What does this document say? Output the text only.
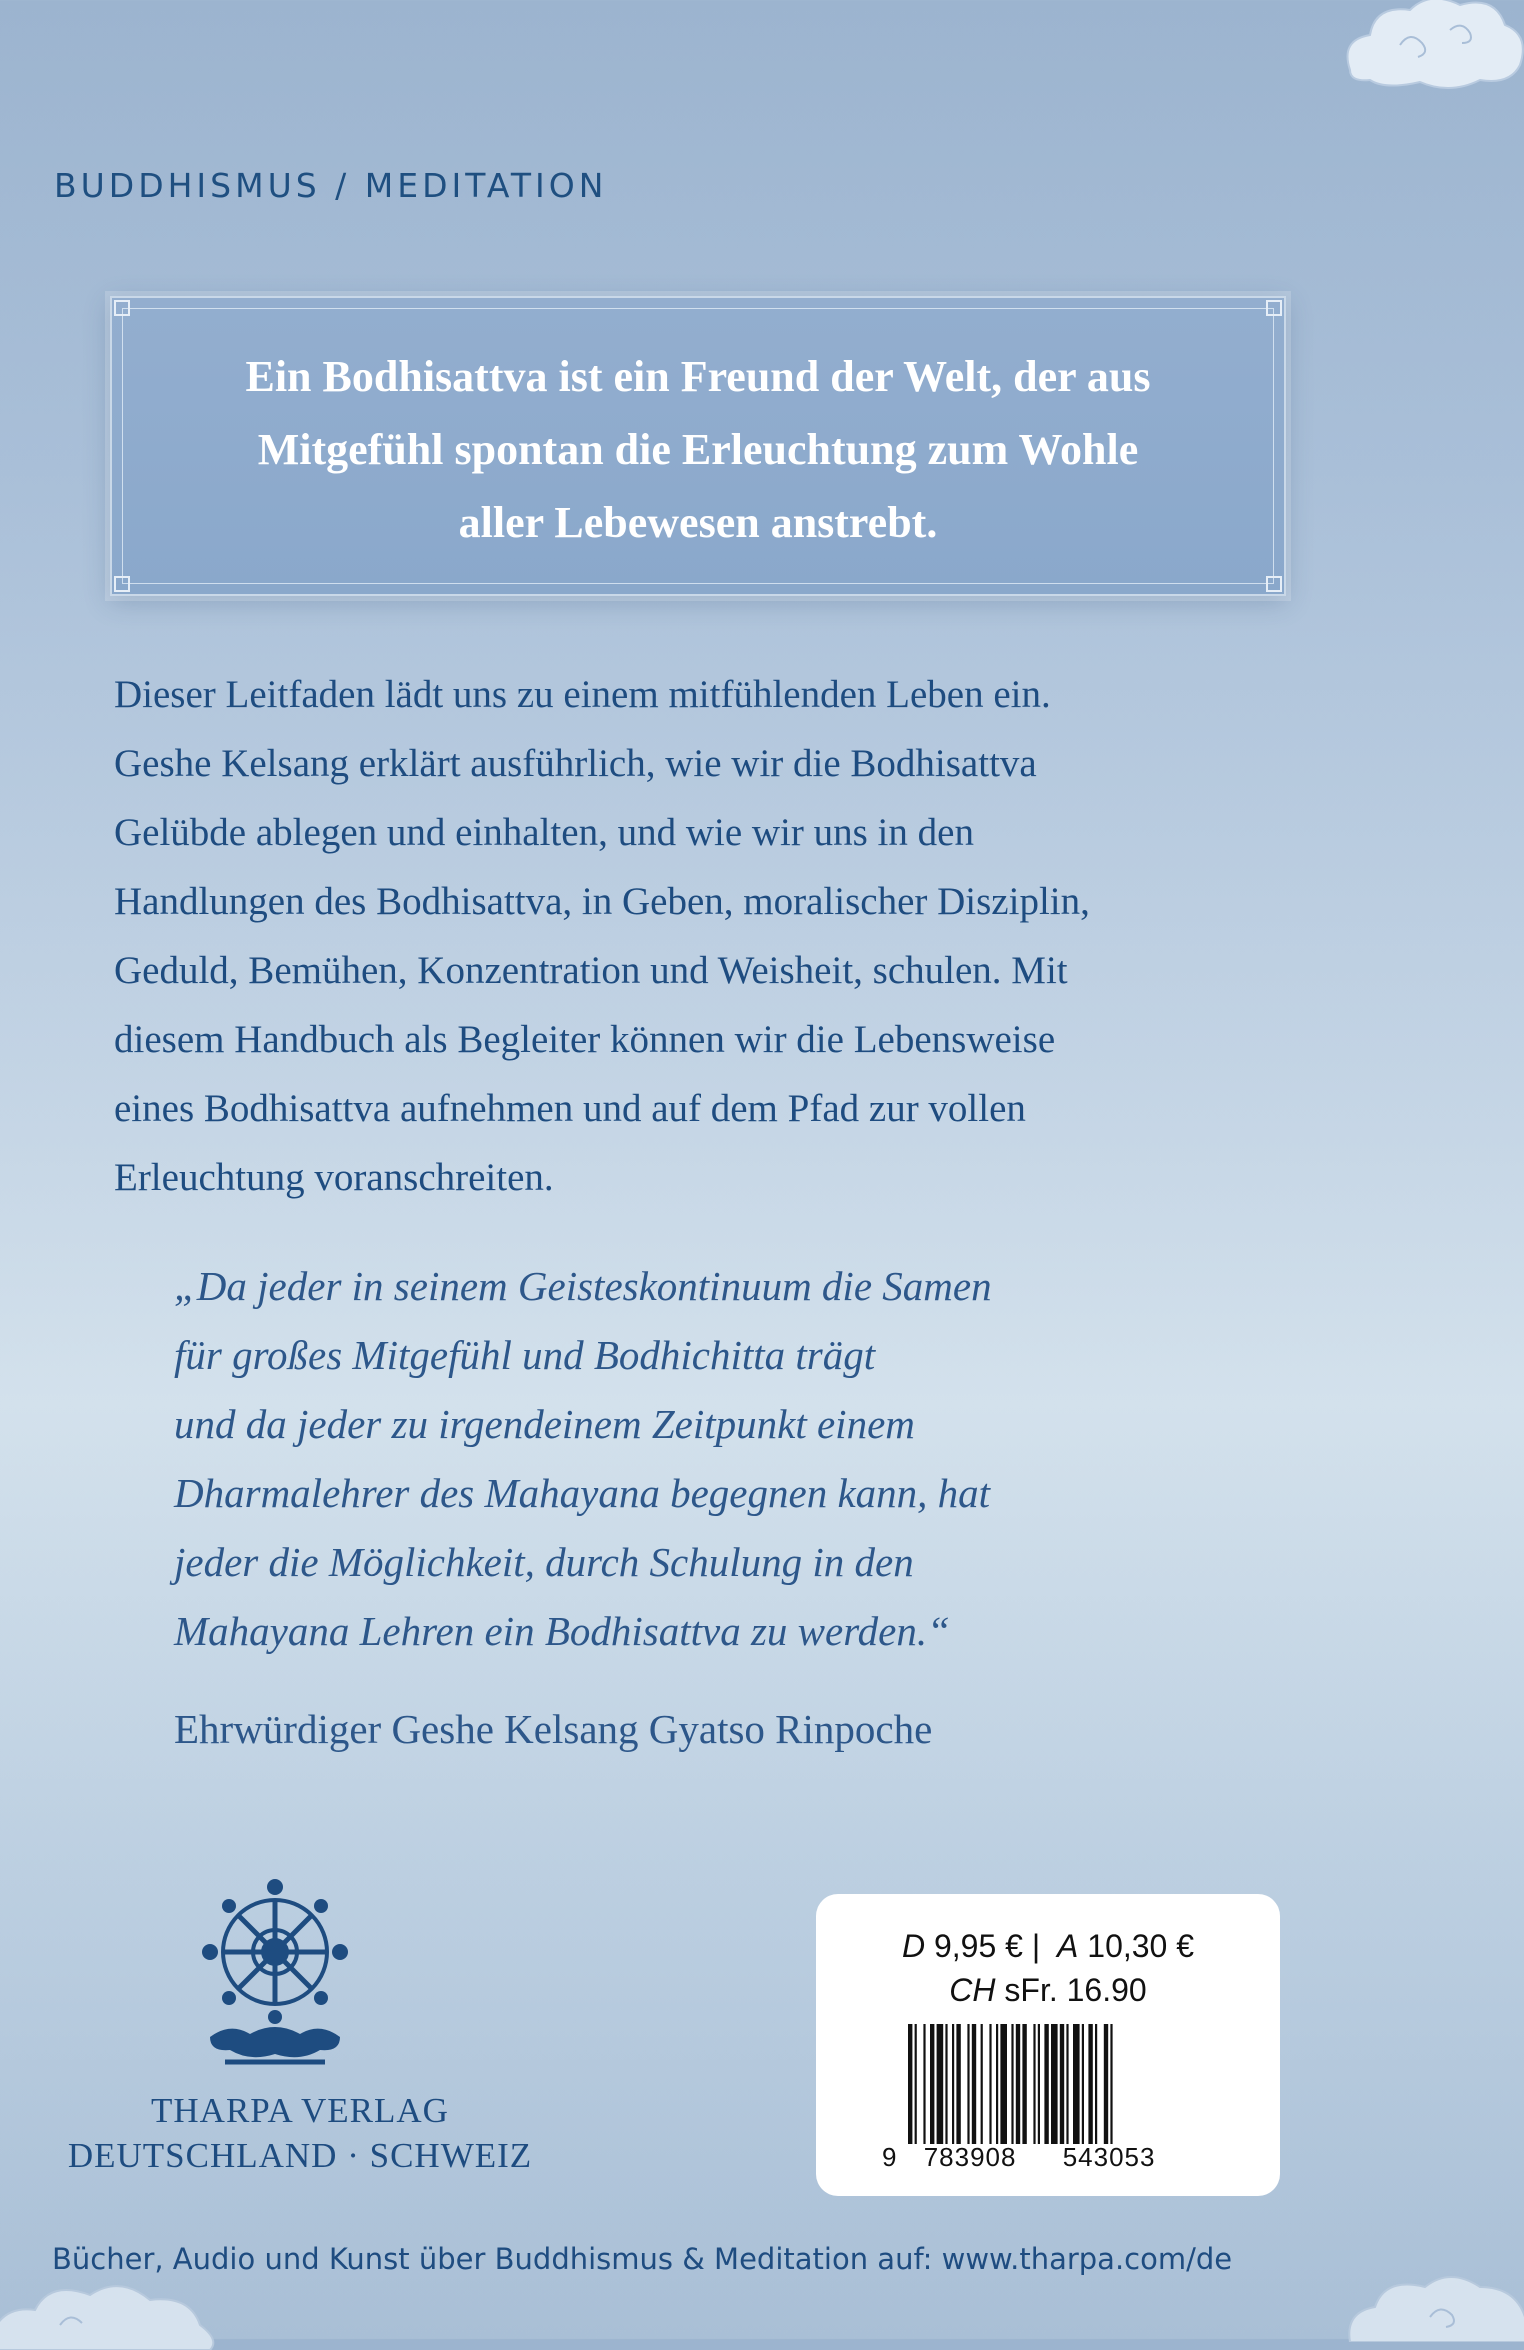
BUDDHISMUS / MEDITATION
Ein Bodhisattva ist ein Freund der Welt, der aus
Mitgefühl spontan die Erleuchtung zum Wohle
aller Lebewesen anstrebt.
Dieser Leitfaden lädt uns zu einem mitfühlenden Leben ein.
Geshe Kelsang erklärt ausführlich, wie wir die Bodhisattva
Gelübde ablegen und einhalten, und wie wir uns in den
Handlungen des Bodhisattva, in Geben, moralischer Disziplin,
Geduld, Bemühen, Konzentration und Weisheit, schulen. Mit
diesem Handbuch als Begleiter können wir die Lebensweise
eines Bodhisattva aufnehmen und auf dem Pfad zur vollen
Erleuchtung voranschreiten.
„Da jeder in seinem Geisteskontinuum die Samen
für großes Mitgefühl und Bodhichitta trägt
und da jeder zu irgendeinem Zeitpunkt einem
Dharmalehrer des Mahayana begegnen kann, hat
jeder die Möglichkeit, durch Schulung in den
Mahayana Lehren ein Bodhisattva zu werden.“
Ehrwürdiger Geshe Kelsang Gyatso Rinpoche
THARPA VERLAG
DEUTSCHLAND · SCHWEIZ
D 9,95 € | A 10,30 €
CH sFr. 16.90
9 783908 543053
Bücher, Audio und Kunst über Buddhismus & Meditation auf: www.tharpa.com/de
